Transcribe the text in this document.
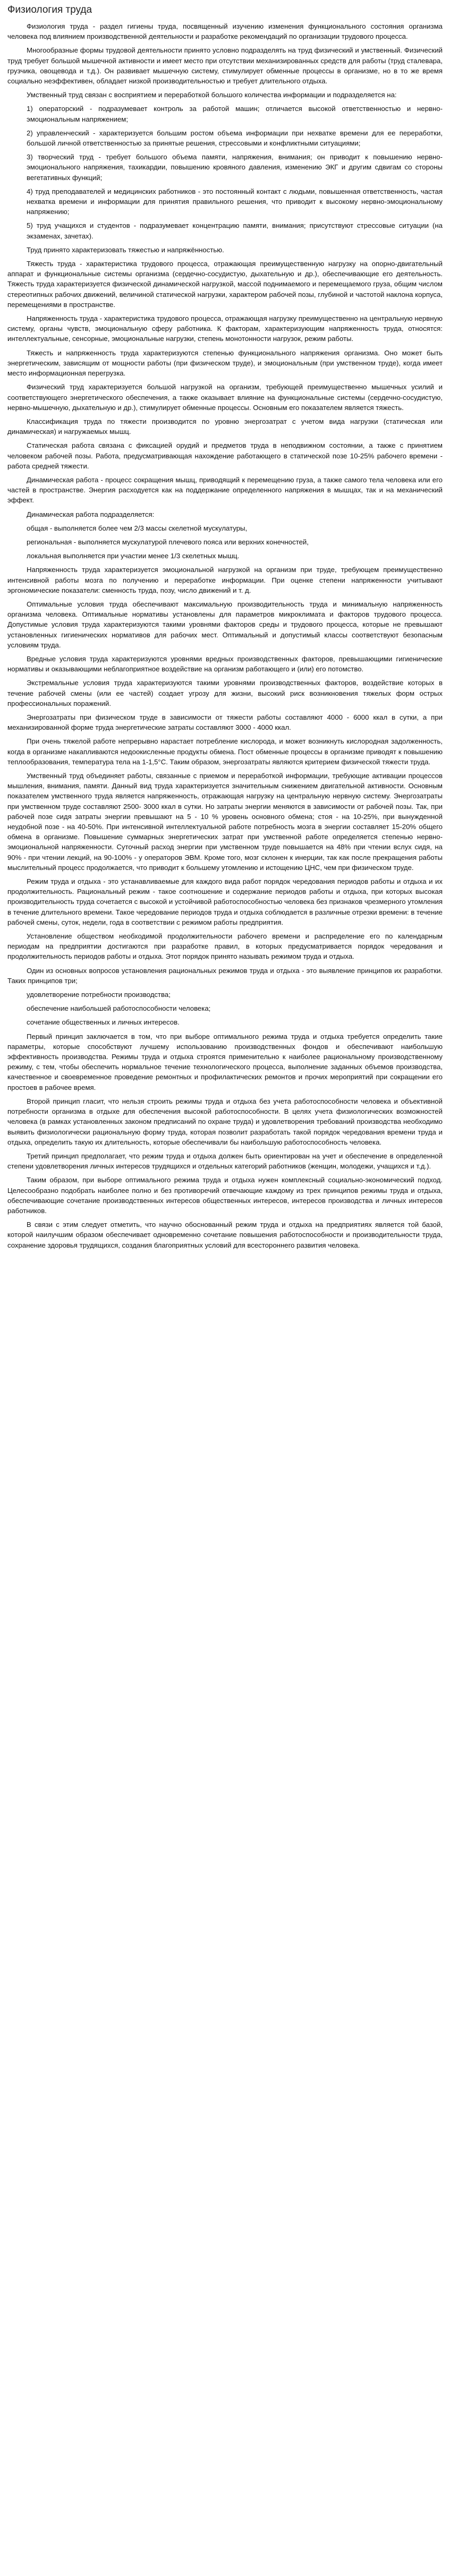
Физиология труда

Физиология труда - раздел гигиены труда, посвященный изучению изменения функционального состояния организма человека под влиянием производственной деятельности и разработке рекомендаций по организации трудового процесса.

Многообразные формы трудовой деятельности принято условно подразделять на труд физический и умственный. Физический труд требует большой мышечной активности и имеет место при отсутствии механизированных средств для работы (труд сталевара, грузчика, овощевода и т.д.). Он развивает мышечную систему, стимулирует обменные процессы в организме, но в то же время социально неэффективен, обладает низкой производительностью и требует длительного отдыха.

Умственный труд связан с восприятием и переработкой большого количества информации и подразделяется на:

1) операторский - подразумевает контроль за работой машин; отличается высокой ответственностью и нервно-эмоциональным напряжением;

2) управленческий - характеризуется большим ростом объема информации при нехватке времени для ее переработки, большой личной ответственностью за принятые решения, стрессовыми и конфликтными ситуациями;

3) творческий труд - требует большого объема памяти, напряжения, внимания; он приводит к повышению нервно-эмоционального напряжения, тахикардии, повышению кровяного давления, изменению ЭКГ и другим сдвигам со стороны вегетативных функций;

4) труд преподавателей и медицинских работников - это постоянный контакт с людьми, повышенная ответственность, частая нехватка времени и информации для принятия правильного решения, что приводит к высокому нервно-эмоциональному напряжению;

5) труд учащихся и студентов - подразумевает концентрацию памяти, внимания; присутствуют стрессовые ситуации (на экзаменах, зачетах).

Труд принято характеризовать тяжестью и напряжённостью.

Тяжесть труда - характеристика трудового процесса, отражающая преимущественную нагрузку на опорно-двигательный аппарат и функциональные системы организма (сердечно-сосудистую, дыхательную и др.), обеспечивающие его деятельность. Тяжесть труда характеризуется физической динамической нагрузкой, массой поднимаемого и перемещаемого груза, общим числом стереотипных рабочих движений, величиной статической нагрузки, характером рабочей позы, глубиной и частотой наклона корпуса, перемещениями в пространстве.

Напряженность труда - характеристика трудового процесса, отражающая нагрузку преимущественно на центральную нервную систему, органы чувств, эмоциональную сферу работника. К факторам, характеризующим напряженность труда, относятся: интеллектуальные, сенсорные, эмоциональные нагрузки, степень монотонности нагрузок, режим работы.

Тяжесть и напряженность труда характеризуются степенью функционального напряжения организма. Оно может быть энергетическим, зависящим от мощности работы (при физическом труде), и эмоциональным (при умственном труде), когда имеет место информационная перегрузка.

Физический труд характеризуется большой нагрузкой на организм, требующей преимущественно мышечных усилий и соответствующего энергетического обеспечения, а также оказывает влияние на функциональные системы (сердечно-сосудистую, нервно-мышечную, дыхательную и др.), стимулирует обменные процессы. Основным его показателем является тяжесть.

Классификация труда по тяжести производится по уровню энергозатрат с учетом вида нагрузки (статическая или динамическая) и нагружаемых мышц.

Статическая работа связана с фиксацией орудий и предметов труда в неподвижном состоянии, а также с принятием человеком рабочей позы. Работа, предусматривающая нахождение работающего в статической позе 10-25% рабочего времени - работа средней тяжести.

Динамическая работа - процесс сокращения мышц, приводящий к перемещению груза, а также самого тела человека или его частей в пространстве. Энергия расходуется как на поддержание определенного напряжения в мышцах, так и на механический эффект.

Динамическая работа подразделяется:

общая - выполняется более чем 2/3 массы скелетной мускулатуры,

региональная - выполняется мускулатурой плечевого пояса или верхних конечностей,

локальная выполняется при участии менее 1/3 скелетных мышц.

Напряженность труда характеризуется эмоциональной нагрузкой на организм при труде, требующем преимущественно интенсивной работы мозга по получению и переработке информации. При оценке степени напряженности учитывают эргономические показатели: сменность труда, позу, число движений и т. д.

Оптимальные условия труда обеспечивают максимальную производительность труда и минимальную напряженность организма человека. Оптимальные нормативы установлены для параметров микроклимата и факторов трудового процесса. Допустимые условия труда характеризуются такими уровнями факторов среды и трудового процесса, которые не превышают установленных гигиенических нормативов для рабочих мест. Оптимальный и допустимый классы соответствуют безопасным условиям труда.

Вредные условия труда характеризуются уровнями вредных производственных факторов, превышающими гигиенические нормативы и оказывающими неблагоприятное воздействие на организм работающего и (или) его потомство.

Экстремальные условия труда характеризуются такими уровнями производственных факторов, воздействие которых в течение рабочей смены (или ее частей) создает угрозу для жизни, высокий риск возникновения тяжелых форм острых профессиональных поражений.

Энергозатраты при физическом труде в зависимости от тяжести работы составляют 4000 - 6000 ккал в сутки, а при механизированной форме труда энергетические затраты составляют 3000 - 4000 ккал.

При очень тяжелой работе непрерывно нарастает потребление кислорода, и может возникнуть кислородная задолженность, когда в организме накапливаются недоокисленные продукты обмена. Пост обменные процессы в организме приводят к повышению теплообразования, температура тела на 1-1,5°С. Таким образом, энергозатраты являются критерием физической тяжести труда.

Умственный труд объединяет работы, связанные с приемом и переработкой информации, требующие активации процессов мышления, внимания, памяти. Данный вид труда характеризуется значительным снижением двигательной активности. Основным показателем умственного труда является напряженность, отражающая нагрузку на центральную нервную систему. Энергозатраты при умственном труде составляют 2500- 3000 ккал в сутки. Но затраты энергии меняются в зависимости от рабочей позы. Так, при рабочей позе сидя затраты энергии превышают на 5 - 10 % уровень основного обмена; стоя - на 10-25%, при вынужденной неудобной позе - на 40-50%. При интенсивной интеллектуальной работе потребность мозга в энергии составляет 15-20% общего обмена в организме. Повышение суммарных энергетических затрат при умственной работе определяется степенью нервно-эмоциональной напряженности. Суточный расход энергии при умственном труде повышается на 48% при чтении вслух сидя, на 90% - при чтении лекций, на 90-100% - у операторов ЭВМ. Кроме того, мозг склонен к инерции, так как после прекращения работы мыслительный процесс продолжается, что приводит к большему утомлению и истощению ЦНС, чем при физическом труде.

Режим труда и отдыха - это устанавливаемые для каждого вида работ порядок чередования периодов работы и отдыха и их продолжительность. Рациональный режим - такое соотношение и содержание периодов работы и отдыха, при которых высокая производительность труда сочетается с высокой и устойчивой работоспособностью человека без признаков чрезмерного утомления в течение длительного времени. Такое чередование периодов труда и отдыха соблюдается в различные отрезки времени: в течение рабочей смены, суток, недели, года в соответствии с режимом работы предприятия.

Установление обществом необходимой продолжительности рабочего времени и распределение его по календарным периодам на предприятии достигаются при разработке правил, в которых предусматривается порядок чередования и продолжительность периодов работы и отдыха. Этот порядок принято называть режимом труда и отдыха.

Один из основных вопросов установления рациональных режимов труда и отдыха - это выявление принципов их разработки. Таких принципов три;

удовлетворение потребности производства;

обеспечение наибольшей работоспособности человека;

сочетание общественных и личных интересов.

Первый принцип заключается в том, что при выборе оптимального режима труда и отдыха требуется определить такие параметры, которые способствуют лучшему использованию производственных фондов и обеспечивают наибольшую эффективность производства. Режимы труда и отдыха строятся применительно к наиболее рациональному производственному режиму, с тем, чтобы обеспечить нормальное течение технологического процесса, выполнение заданных объемов производства, качественное и своевременное проведение ремонтных и профилактических ремонтов и прочих мероприятий при сокращении его простоев в рабочее время.

Второй принцип гласит, что нельзя строить режимы труда и отдыха без учета работоспособности человека и объективной потребности организма в отдыхе для обеспечения высокой работоспособности. В целях учета физиологических возможностей человека (в рамках установленных законом предписаний по охране труда) и удовлетворения требований производства необходимо выявить физиологически рациональную форму труда, которая позволит разработать такой порядок чередования времени труда и отдыха, определить такую их длительность, которые обеспечивали бы наибольшую работоспособность человека.

Третий принцип предполагает, что режим труда и отдыха должен быть ориентирован на учет и обеспечение в определенной степени удовлетворения личных интересов трудящихся и отдельных категорий работников (женщин, молодежи, учащихся и т.д.).

Таким образом, при выборе оптимального режима труда и отдыха нужен комплексный социально-экономический подход. Целесообразно подобрать наиболее полно и без противоречий отвечающие каждому из трех принципов режимы труда и отдыха, обеспечивающие сочетание производственных интересов общественных интересов, интересов производства и личных интересов работников.

В связи с этим следует отметить, что научно обоснованный режим труда и отдыха на предприятиях является той базой, которой наилучшим образом обеспечивает одновременно сочетание повышения работоспособности и производительности труда, сохранение здоровья трудящихся, создания благоприятных условий для всестороннего развития человека.
